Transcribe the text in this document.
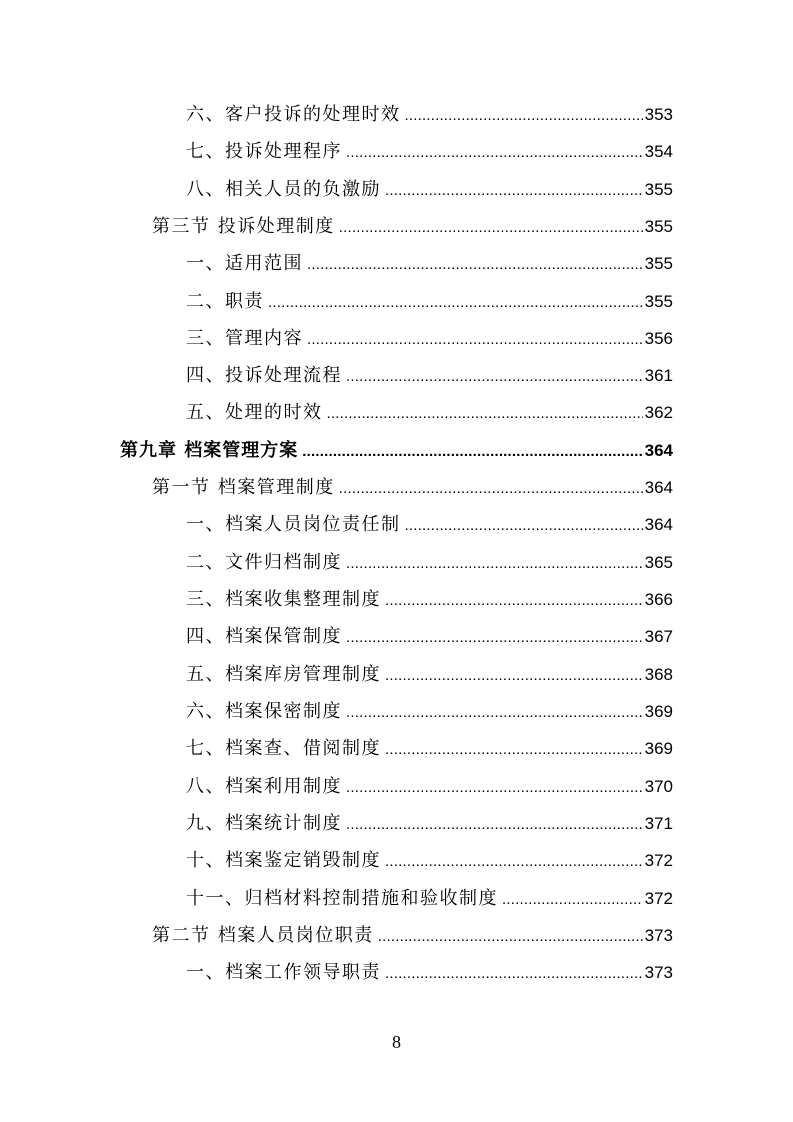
六、客户投诉的处理时效 .....	353
七、投诉处理程序 .....	354
八、相关人员的负激励 .....	355
第三节 投诉处理制度 .....	355
一、适用范围 .....	355
二、职责 .....	355
三、管理内容 .....	356
四、投诉处理流程 .....	361
五、处理的时效 .....	362
第九章 档案管理方案 .....	364
第一节 档案管理制度 .....	364
一、档案人员岗位责任制 .....	364
二、文件归档制度 .....	365
三、档案收集整理制度 .....	366
四、档案保管制度 .....	367
五、档案库房管理制度 .....	368
六、档案保密制度 .....	369
七、档案查、借阅制度 .....	369
八、档案利用制度 .....	370
九、档案统计制度 .....	371
十、档案鉴定销毁制度 .....	372
十一、归档材料控制措施和验收制度 .....	372
第二节 档案人员岗位职责 .....	373
一、档案工作领导职责 .....	373
8
